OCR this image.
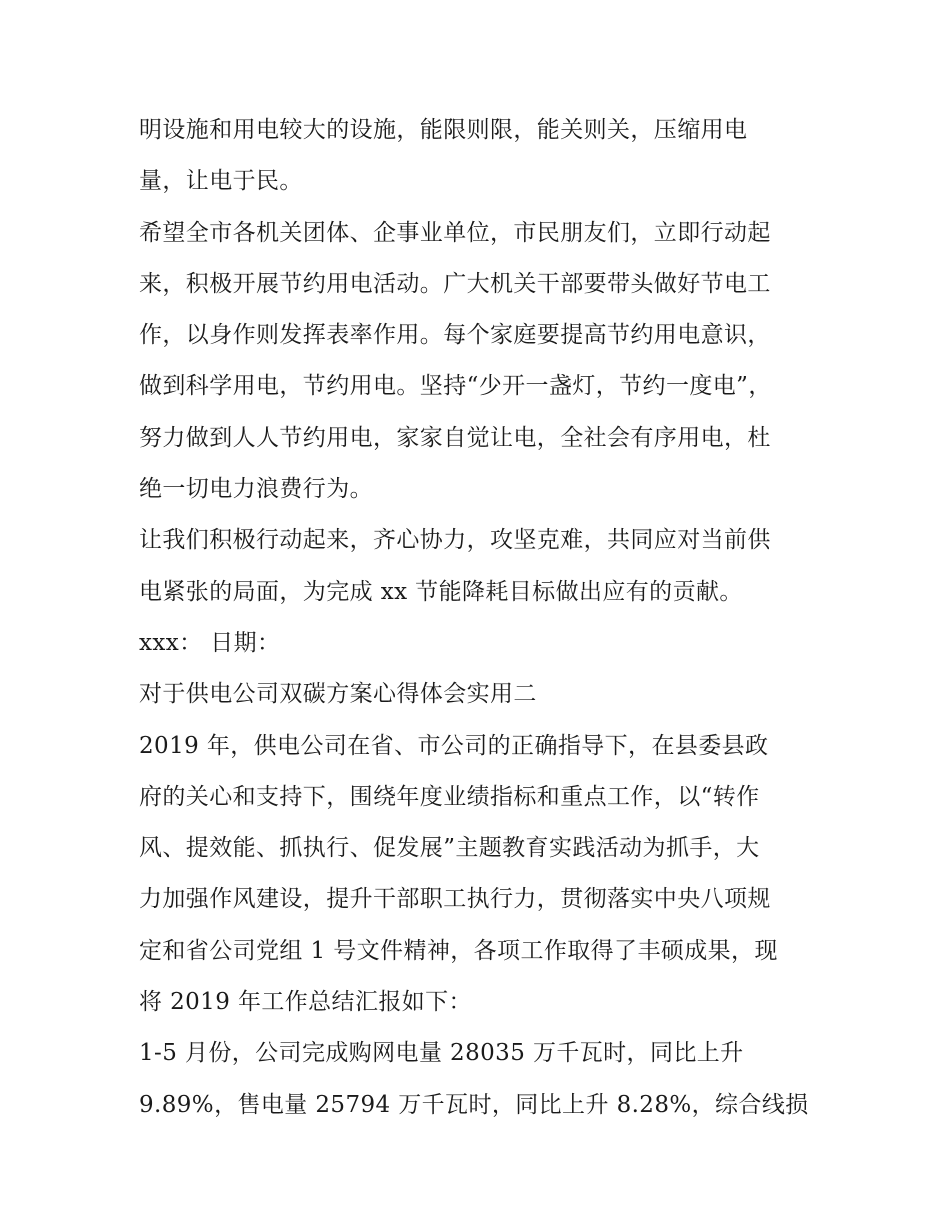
明设施和用电较大的设施，能限则限，能关则关，压缩用电
量，让电于民。
希望全市各机关团体、企事业单位，市民朋友们，立即行动起
来，积极开展节约用电活动。广大机关干部要带头做好节电工
作，以身作则发挥表率作用。每个家庭要提高节约用电意识，
做到科学用电，节约用电。坚持“少开一盏灯，节约一度电”，
努力做到人人节约用电，家家自觉让电，全社会有序用电，杜
绝一切电力浪费行为。
让我们积极行动起来，齐心协力，攻坚克难，共同应对当前供
电紧张的局面，为完成 xx 节能降耗目标做出应有的贡献。
xxx： 日期：
对于供电公司双碳方案心得体会实用二
2019 年，供电公司在省、市公司的正确指导下，在县委县政
府的关心和支持下，围绕年度业绩指标和重点工作，以“转作
风、提效能、抓执行、促发展”主题教育实践活动为抓手，大
力加强作风建设，提升干部职工执行力，贯彻落实中央八项规
定和省公司党组 1 号文件精神，各项工作取得了丰硕成果，现
将 2019 年工作总结汇报如下：
1-5 月份，公司完成购网电量 28035 万千瓦时，同比上升
9.89%，售电量 25794 万千瓦时，同比上升 8.28%，综合线损
